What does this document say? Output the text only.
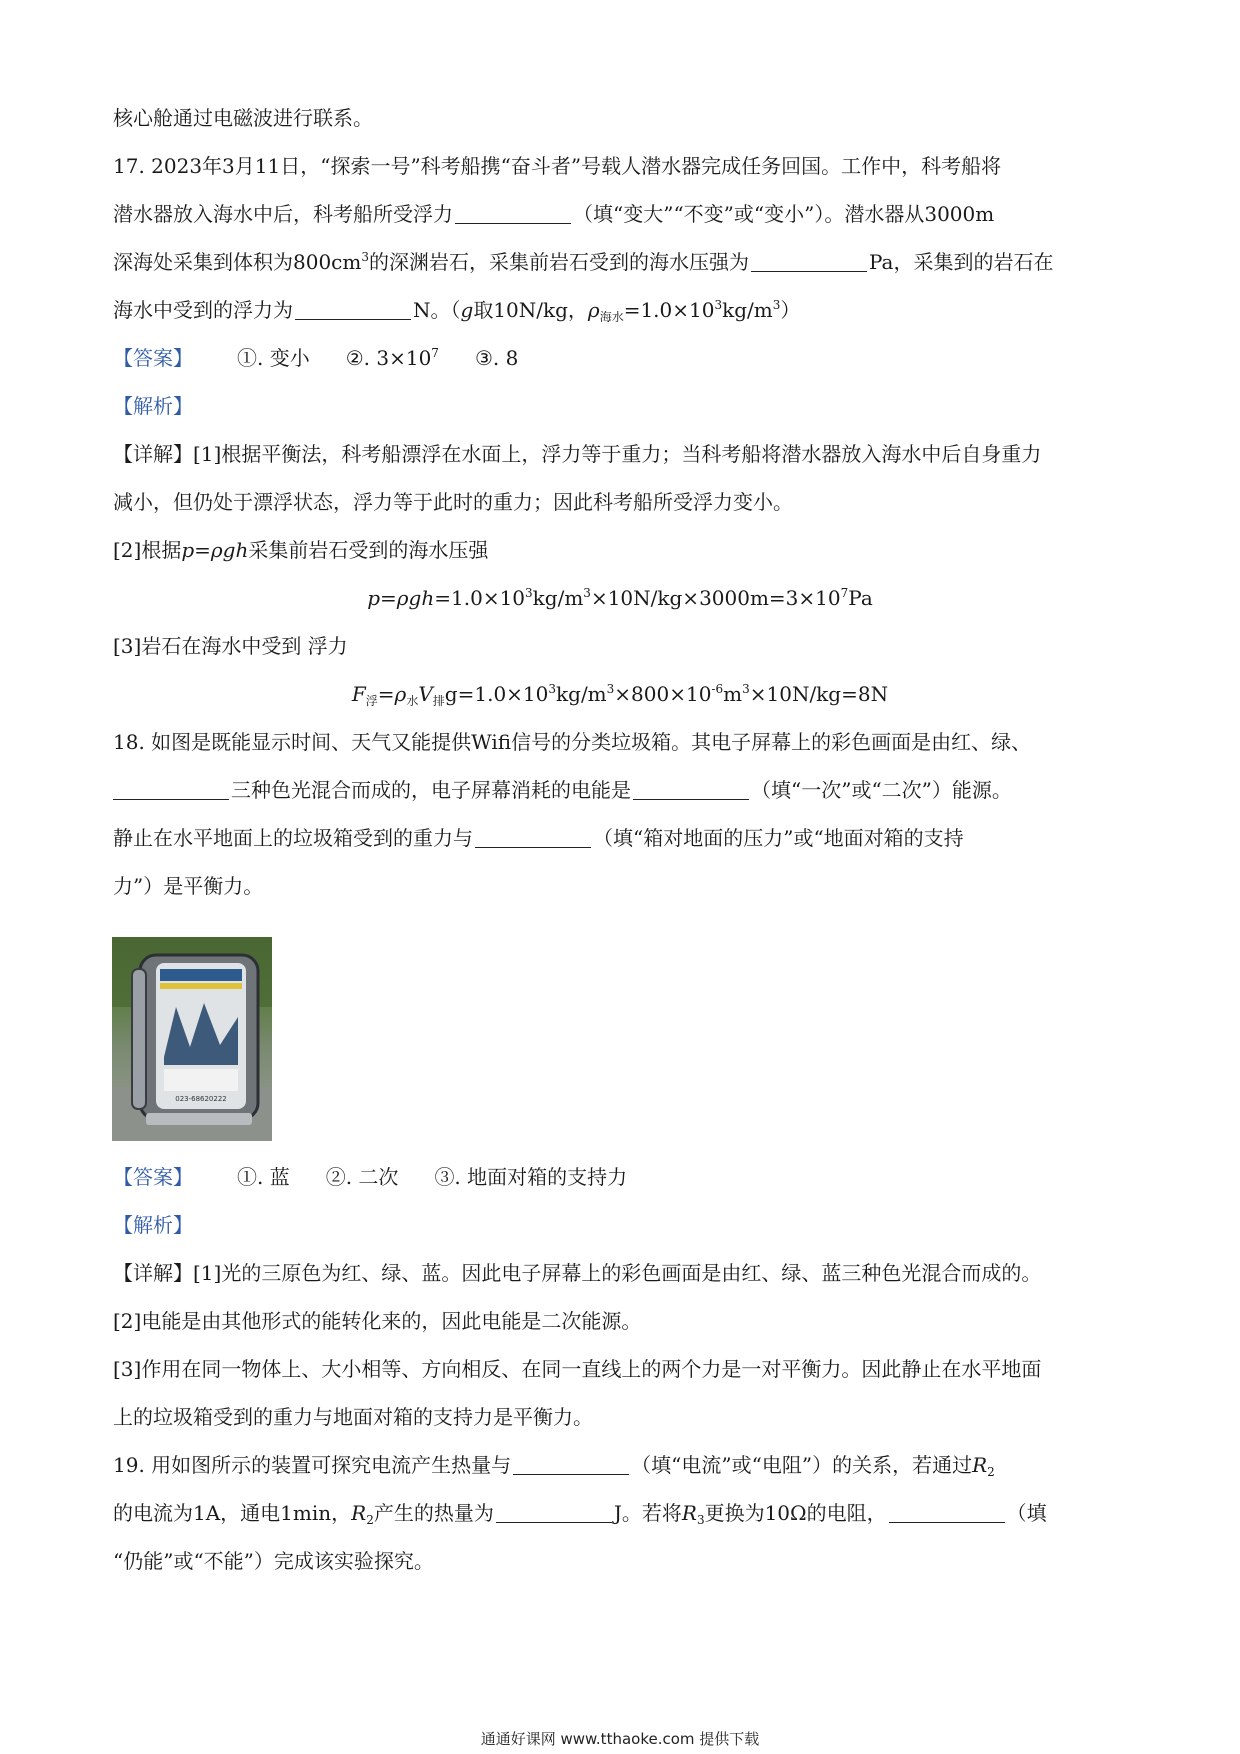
核心舱通过电磁波进行联系。
17. 2023年3月11日，“探索一号”科考船携“奋斗者”号载人潜水器完成任务回国。工作中，科考船将
潜水器放入海水中后，科考船所受浮力	（填“变大”“不变”或“变小”）。潜水器从3000m
深海处采集到体积为$800cm^3$的深渊岩石，采集前岩石受到的海水压强为	Pa，采集到的岩石在
海水中受到的浮力为	N。（g取10N/kg，$\rho_{海水}=1.0\times 10^3kg/m^3$）
【答案】 ①. 变小 ②. $3\times 10^7$ ③. 8
【解析】
【详解】[1]根据平衡法，科考船漂浮在水面上，浮力等于重力；当科考船将潜水器放入海水中后自身重力
减小，但仍处于漂浮状态，浮力等于此时的重力；因此科考船所受浮力变小。
[2]根据p=ρgh采集前岩石受到的海水压强
$p=\rho gh=1.0\times 10^3kg/m^3\times 10N/kg\times 3000m=3\times 10^7Pa$
[3]岩石在海水中受到 浮力
$F_浮=\rho_水V_排g=1.0\times 10^3kg/m^3\times 800\times 10^{-6}m^3\times 10N/kg=8N$
18. 如图是既能显示时间、天气又能提供Wifi信号的分类垃圾箱。其电子屏幕上的彩色画面是由红、绿、
三种色光混合而成的，电子屏幕消耗的电能是	（填“一次”或“二次”）能源。
静止在水平地面上的垃圾箱受到的重力与	（填“箱对地面的压力”或“地面对箱的支持
力”）是平衡力。
023-68620222
【答案】 ①. 蓝 ②. 二次 ③. 地面对箱的支持力
【解析】
【详解】[1]光的三原色为红、绿、蓝。因此电子屏幕上的彩色画面是由红、绿、蓝三种色光混合而成的。
[2]电能是由其他形式的能转化来的，因此电能是二次能源。
[3]作用在同一物体上、大小相等、方向相反、在同一直线上的两个力是一对平衡力。因此静止在水平地面
上的垃圾箱受到的重力与地面对箱的支持力是平衡力。
19. 用如图所示的装置可探究电流产生热量与	（填“电流”或“电阻”）的关系，若通过$R_2$
的电流为1A，通电1min，$R_2$产生的热量为	J。若将$R_3$更换为10Ω的电阻，	（填
“仍能”或“不能”）完成该实验探究。
通通好课网 www.tthaoke.com 提供下载
